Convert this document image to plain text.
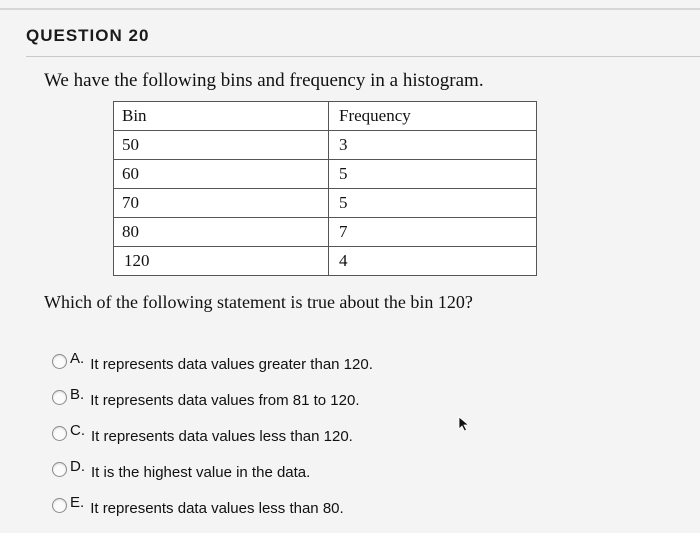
QUESTION 20
We have the following bins and frequency in a histogram.
Bin	Frequency
50	3
60	5
70	5
80	7
120	4
Which of the following statement is true about the bin 120?
A. It represents data values greater than 120.
B. It represents data values from 81 to 120.
C. It represents data values less than 120.
D. It is the highest value in the data.
E. It represents data values less than 80.
